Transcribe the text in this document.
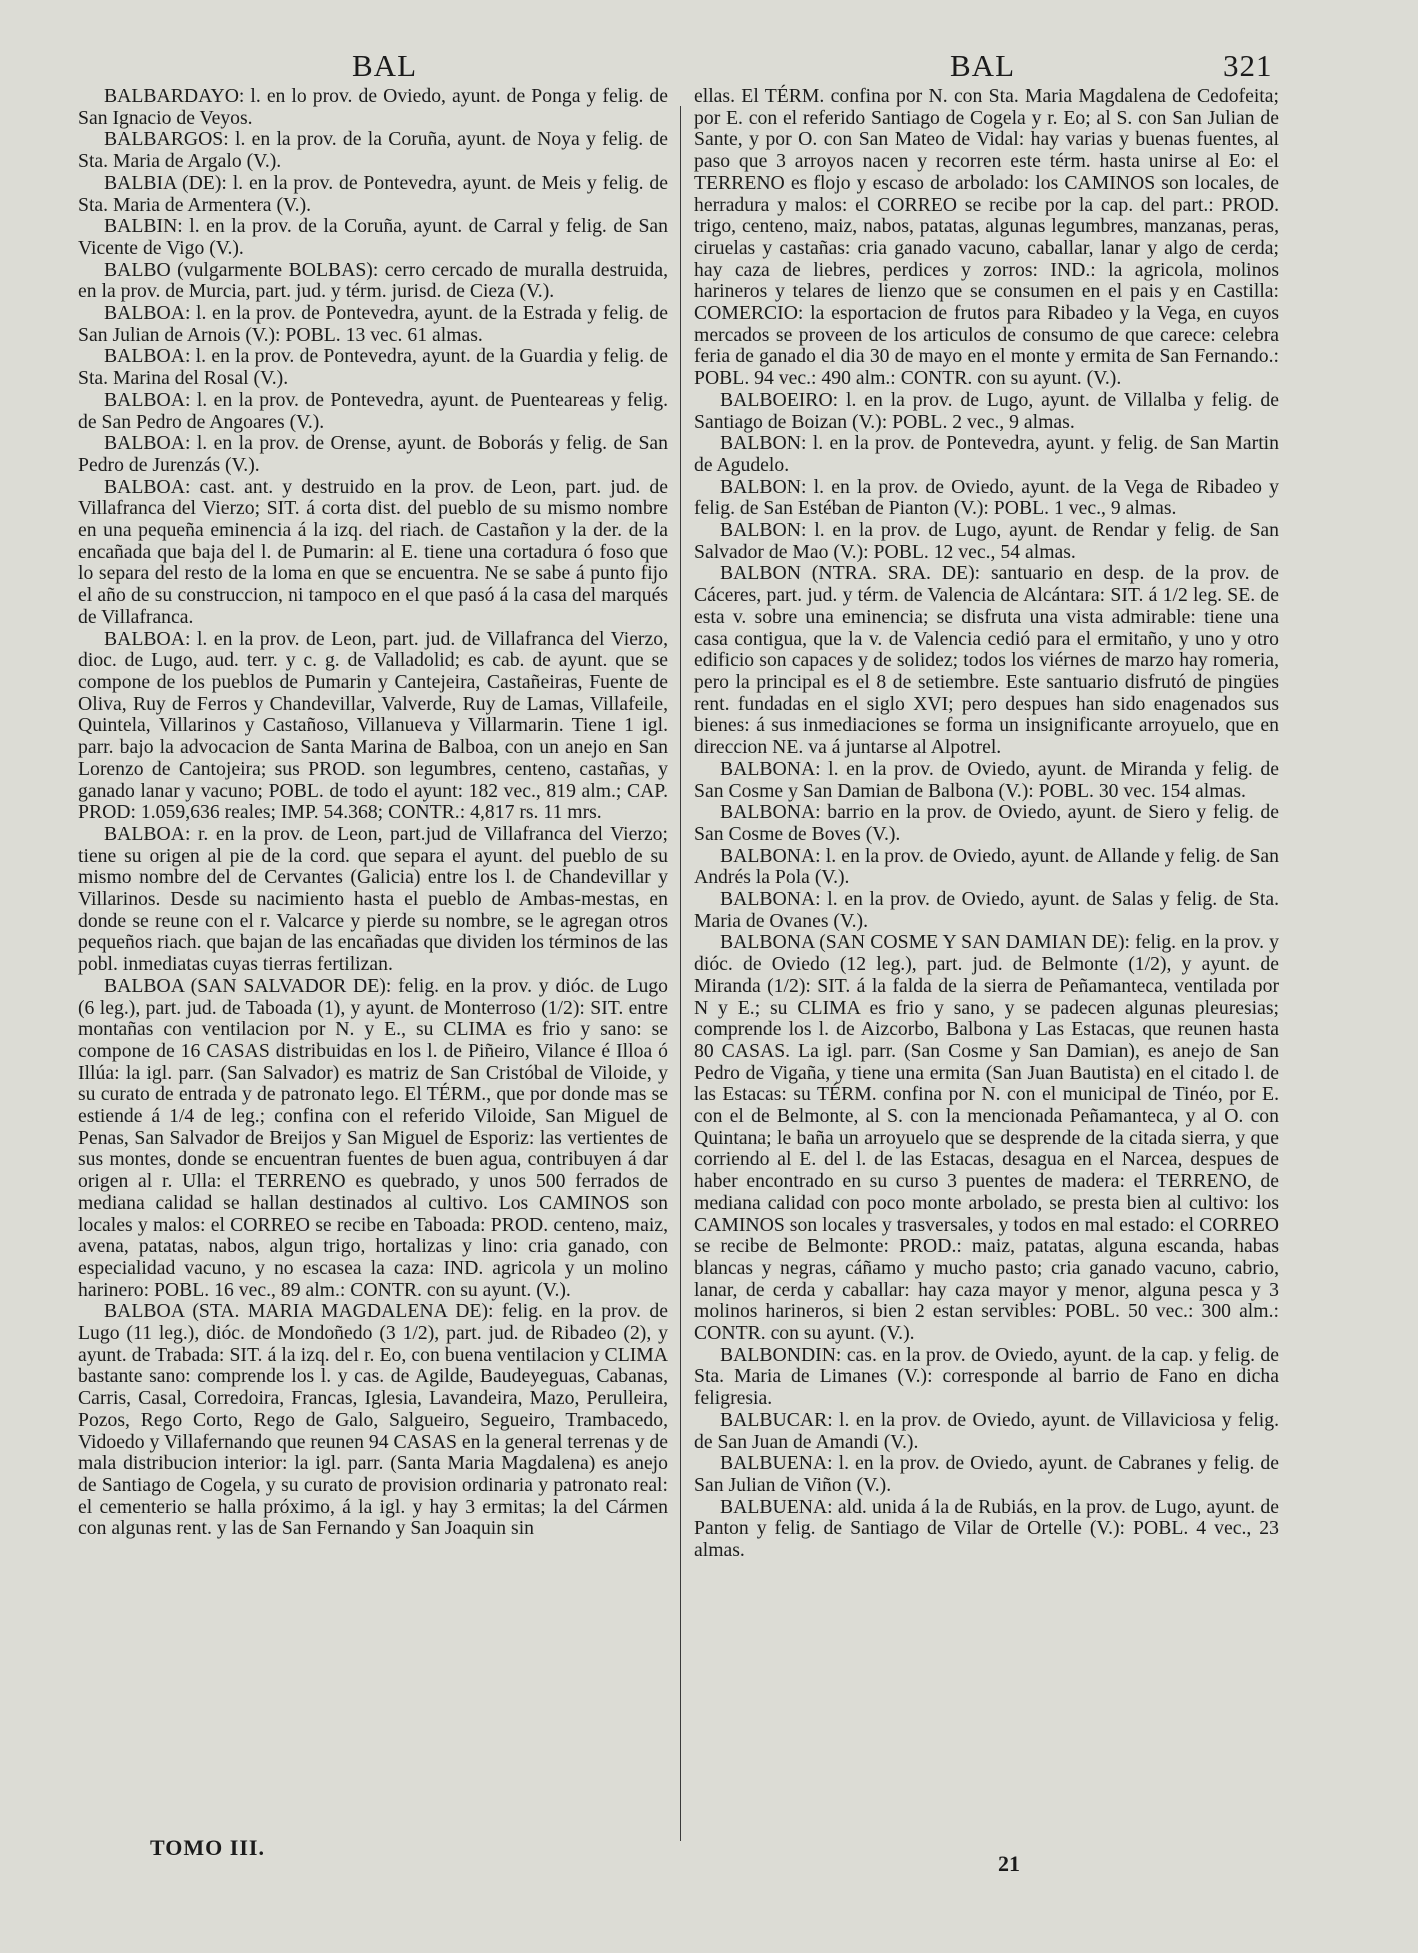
BAL	BAL	321

BALBARDAYO: l. en lo prov. de Oviedo, ayunt. de Ponga y felig. de San Ignacio de Veyos.

BALBARGOS: l. en la prov. de la Coruña, ayunt. de Noya y felig. de Sta. Maria de Argalo (V.).

BALBIA (DE): l. en la prov. de Pontevedra, ayunt. de Meis y felig. de Sta. Maria de Armentera (V.).

BALBIN: l. en la prov. de la Coruña, ayunt. de Carral y felig. de San Vicente de Vigo (V.).

BALBO (vulgarmente BOLBAS): cerro cercado de muralla destruida, en la prov. de Murcia, part. jud. y térm. jurisd. de Cieza (V.).

BALBOA: l. en la prov. de Pontevedra, ayunt. de la Estrada y felig. de San Julian de Arnois (V.): POBL. 13 vec. 61 almas.

BALBOA: l. en la prov. de Pontevedra, ayunt. de la Guardia y felig. de Sta. Marina del Rosal (V.).

BALBOA: l. en la prov. de Pontevedra, ayunt. de Puenteareas y felig. de San Pedro de Angoares (V.).

BALBOA: l. en la prov. de Orense, ayunt. de Boborás y felig. de San Pedro de Jurenzás (V.).

BALBOA: cast. ant. y destruido en la prov. de Leon, part. jud. de Villafranca del Vierzo; SIT. á corta dist. del pueblo de su mismo nombre en una pequeña eminencia á la izq. del riach. de Castañon y la der. de la encañada que baja del l. de Pumarin: al E. tiene una cortadura ó foso que lo separa del resto de la loma en que se encuentra. Ne se sabe á punto fijo el año de su construccion, ni tampoco en el que pasó á la casa del marqués de Villafranca.

BALBOA: l. en la prov. de Leon, part. jud. de Villafranca del Vierzo, dioc. de Lugo, aud. terr. y c. g. de Valladolid; es cab. de ayunt. que se compone de los pueblos de Pumarin y Cantejeira, Castañeiras, Fuente de Oliva, Ruy de Ferros y Chandevillar, Valverde, Ruy de Lamas, Villafeile, Quintela, Villarinos y Castañoso, Villanueva y Villarmarin. Tiene 1 igl. parr. bajo la advocacion de Santa Marina de Balboa, con un anejo en San Lorenzo de Cantojeira; sus PROD. son legumbres, centeno, castañas, y ganado lanar y vacuno; POBL. de todo el ayunt: 182 vec., 819 alm.; CAP. PROD: 1.059,636 reales; IMP. 54.368; CONTR.: 4,817 rs. 11 mrs.

BALBOA: r. en la prov. de Leon, part.jud de Villafranca del Vierzo; tiene su origen al pie de la cord. que separa el ayunt. del pueblo de su mismo nombre del de Cervantes (Galicia) entre los l. de Chandevillar y Villarinos. Desde su nacimiento hasta el pueblo de Ambas-mestas, en donde se reune con el r. Valcarce y pierde su nombre, se le agregan otros pequeños riach. que bajan de las encañadas que dividen los términos de las pobl. inmediatas cuyas tierras fertilizan.

BALBOA (SAN SALVADOR DE): felig. en la prov. y dióc. de Lugo (6 leg.), part. jud. de Taboada (1), y ayunt. de Monterroso (1/2): SIT. entre montañas con ventilacion por N. y E., su CLIMA es frio y sano: se compone de 16 CASAS distribuidas en los l. de Piñeiro, Vilance é Illoa ó Illúa: la igl. parr. (San Salvador) es matriz de San Cristóbal de Viloide, y su curato de entrada y de patronato lego. El TÉRM., que por donde mas se estiende á 1/4 de leg.; confina con el referido Viloide, San Miguel de Penas, San Salvador de Breijos y San Miguel de Esporiz: las vertientes de sus montes, donde se encuentran fuentes de buen agua, contribuyen á dar origen al r. Ulla: el TERRENO es quebrado, y unos 500 ferrados de mediana calidad se hallan destinados al cultivo. Los CAMINOS son locales y malos: el CORREO se recibe en Taboada: PROD. centeno, maiz, avena, patatas, nabos, algun trigo, hortalizas y lino: cria ganado, con especialidad vacuno, y no escasea la caza: IND. agricola y un molino harinero: POBL. 16 vec., 89 alm.: CONTR. con su ayunt. (V.).

BALBOA (STA. MARIA MAGDALENA DE): felig. en la prov. de Lugo (11 leg.), dióc. de Mondoñedo (3 1/2), part. jud. de Ribadeo (2), y ayunt. de Trabada: SIT. á la izq. del r. Eo, con buena ventilacion y CLIMA bastante sano: comprende los l. y cas. de Agilde, Baudeyeguas, Cabanas, Carris, Casal, Corredoira, Francas, Iglesia, Lavandeira, Mazo, Perulleira, Pozos, Rego Corto, Rego de Galo, Salgueiro, Segueiro, Trambacedo, Vidoedo y Villafernando que reunen 94 CASAS en la general terrenas y de mala distribucion interior: la igl. parr. (Santa Maria Magdalena) es anejo de Santiago de Cogela, y su curato de provision ordinaria y patronato real: el cementerio se halla próximo, á la igl. y hay 3 ermitas; la del Cármen con algunas rent. y las de San Fernando y San Joaquin sin

ellas. El TÉRM. confina por N. con Sta. Maria Magdalena de Cedofeita; por E. con el referido Santiago de Cogela y r. Eo; al S. con San Julian de Sante, y por O. con San Mateo de Vidal: hay varias y buenas fuentes, al paso que 3 arroyos nacen y recorren este térm. hasta unirse al Eo: el TERRENO es flojo y escaso de arbolado: los CAMINOS son locales, de herradura y malos: el CORREO se recibe por la cap. del part.: PROD. trigo, centeno, maiz, nabos, patatas, algunas legumbres, manzanas, peras, ciruelas y castañas: cria ganado vacuno, caballar, lanar y algo de cerda; hay caza de liebres, perdices y zorros: IND.: la agricola, molinos harineros y telares de lienzo que se consumen en el pais y en Castilla: COMERCIO: la esportacion de frutos para Ribadeo y la Vega, en cuyos mercados se proveen de los articulos de consumo de que carece: celebra feria de ganado el dia 30 de mayo en el monte y ermita de San Fernando.: POBL. 94 vec.: 490 alm.: CONTR. con su ayunt. (V.).

BALBOEIRO: l. en la prov. de Lugo, ayunt. de Villalba y felig. de Santiago de Boizan (V.): POBL. 2 vec., 9 almas.

BALBON: l. en la prov. de Pontevedra, ayunt. y felig. de San Martin de Agudelo.

BALBON: l. en la prov. de Oviedo, ayunt. de la Vega de Ribadeo y felig. de San Estéban de Pianton (V.): POBL. 1 vec., 9 almas.

BALBON: l. en la prov. de Lugo, ayunt. de Rendar y felig. de San Salvador de Mao (V.): POBL. 12 vec., 54 almas.

BALBON (NTRA. SRA. DE): santuario en desp. de la prov. de Cáceres, part. jud. y térm. de Valencia de Alcántara: SIT. á 1/2 leg. SE. de esta v. sobre una eminencia; se disfruta una vista admirable: tiene una casa contigua, que la v. de Valencia cedió para el ermitaño, y uno y otro edificio son capaces y de solidez; todos los viérnes de marzo hay romeria, pero la principal es el 8 de setiembre. Este santuario disfrutó de pingües rent. fundadas en el siglo XVI; pero despues han sido enagenados sus bienes: á sus inmediaciones se forma un insignificante arroyuelo, que en direccion NE. va á juntarse al Alpotrel.

BALBONA: l. en la prov. de Oviedo, ayunt. de Miranda y felig. de San Cosme y San Damian de Balbona (V.): POBL. 30 vec. 154 almas.

BALBONA: barrio en la prov. de Oviedo, ayunt. de Siero y felig. de San Cosme de Boves (V.).

BALBONA: l. en la prov. de Oviedo, ayunt. de Allande y felig. de San Andrés la Pola (V.).

BALBONA: l. en la prov. de Oviedo, ayunt. de Salas y felig. de Sta. Maria de Ovanes (V.).

BALBONA (SAN COSME Y SAN DAMIAN DE): felig. en la prov. y dióc. de Oviedo (12 leg.), part. jud. de Belmonte (1/2), y ayunt. de Miranda (1/2): SIT. á la falda de la sierra de Peñamanteca, ventilada por N y E.; su CLIMA es frio y sano, y se padecen algunas pleuresias; comprende los l. de Aizcorbo, Balbona y Las Estacas, que reunen hasta 80 CASAS. La igl. parr. (San Cosme y San Damian), es anejo de San Pedro de Vigaña, y tiene una ermita (San Juan Bautista) en el citado l. de las Estacas: su TÉRM. confina por N. con el municipal de Tinéo, por E. con el de Belmonte, al S. con la mencionada Peñamanteca, y al O. con Quintana; le baña un arroyuelo que se desprende de la citada sierra, y que corriendo al E. del l. de las Estacas, desagua en el Narcea, despues de haber encontrado en su curso 3 puentes de madera: el TERRENO, de mediana calidad con poco monte arbolado, se presta bien al cultivo: los CAMINOS son locales y trasversales, y todos en mal estado: el CORREO se recibe de Belmonte: PROD.: maiz, patatas, alguna escanda, habas blancas y negras, cáñamo y mucho pasto; cria ganado vacuno, cabrio, lanar, de cerda y caballar: hay caza mayor y menor, alguna pesca y 3 molinos harineros, si bien 2 estan servibles: POBL. 50 vec.: 300 alm.: CONTR. con su ayunt. (V.).

BALBONDIN: cas. en la prov. de Oviedo, ayunt. de la cap. y felig. de Sta. Maria de Limanes (V.): corresponde al barrio de Fano en dicha feligresia.

BALBUCAR: l. en la prov. de Oviedo, ayunt. de Villaviciosa y felig. de San Juan de Amandi (V.).

BALBUENA: l. en la prov. de Oviedo, ayunt. de Cabranes y felig. de San Julian de Viñon (V.).

BALBUENA: ald. unida á la de Rubiás, en la prov. de Lugo, ayunt. de Panton y felig. de Santiago de Vilar de Ortelle (V.): POBL. 4 vec., 23 almas.

TOMO III.
21
